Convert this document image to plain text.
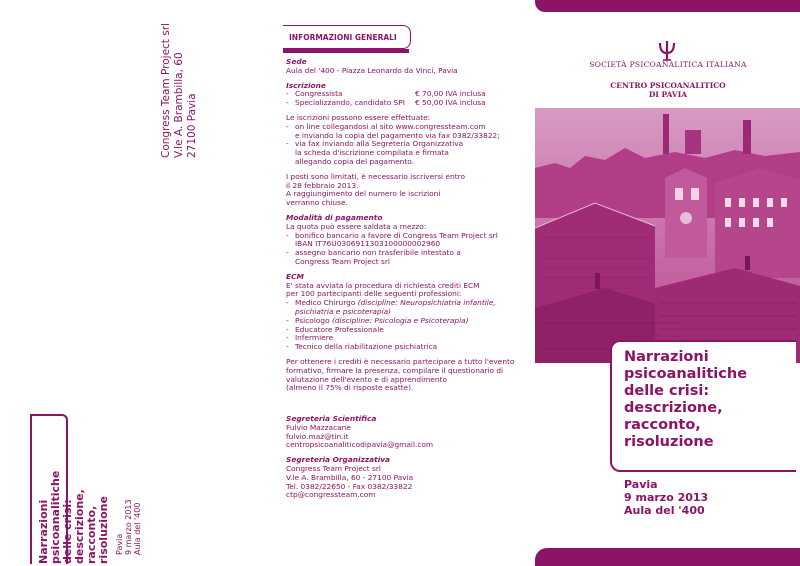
Congress Team Project srl V.le A. Brambilla, 60 27100 Pavia
Narrazioni psicoanalitiche delle crisi: descrizione, racconto, risoluzione Pavia 9 marzo 2013 Aula del '400
INFORMAZIONI GENERALI
Sede
Aula del '400 - Piazza Leonardo da Vinci, Pavia
Iscrizione
- Congressista	€ 70,00 IVA inclusa
- Specializzando, candidato SPI	€ 50,00 IVA inclusa
Le iscrizioni possono essere effettuate:
- on line collegandosi al sito www.congressteam.com
e inviando la copia del pagamento via fax 0382/33822;
- via fax inviando alla Segreteria Organizzativa
la scheda d'iscrizione compilata e firmata
allegando copia del pagamento.
I posti sono limitati, è necessario iscriversi entro
il 28 febbraio 2013.
A raggiungimento del numero le iscrizioni
verranno chiuse.
Modalità di pagamento
La quota può essere saldata a mezzo:
- bonifico bancario a favore di Congress Team Project srl
IBAN IT76U0306911303100000002960
- assegno bancario non trasferibile intestato a
Congress Team Project srl
ECM
E' stata avviata la procedura di richiesta crediti ECM
per 100 partecipanti delle seguenti professioni:
- Medico Chirurgo (discipline: Neuropsichiatria infantile,
psichiatria e psicoterapia)
- Psicologo (discipline: Psicologia e Psicoterapia)
- Educatore Professionale
- Infermiere
- Tecnico della riabilitazione psichiatrica
Per ottenere i crediti è necessario partecipare a tutto l'evento
formativo, firmare la presenza, compilare il questionario di
valutazione dell'evento e di apprendimento
(almeno il 75% di risposte esatte).
Segreteria Scientifica
Fulvio Mazzacane
fulvio.maz@tin.it
centropsicoanaliticodipavia@gmail.com
Segreteria Organizzativa
Congress Team Project srl
V.le A. Brambilla, 60 - 27100 Pavia
Tel. 0382/22650 - Fax 0382/33822
ctp@congressteam.com
SOCIETÀ PSICOANALITICA ITALIANA
CENTRO PSICOANALITICO
DI PAVIA
Narrazioni
psicoanalitiche
delle crisi:
descrizione,
racconto,
risoluzione
Pavia
9 marzo 2013
Aula del '400
